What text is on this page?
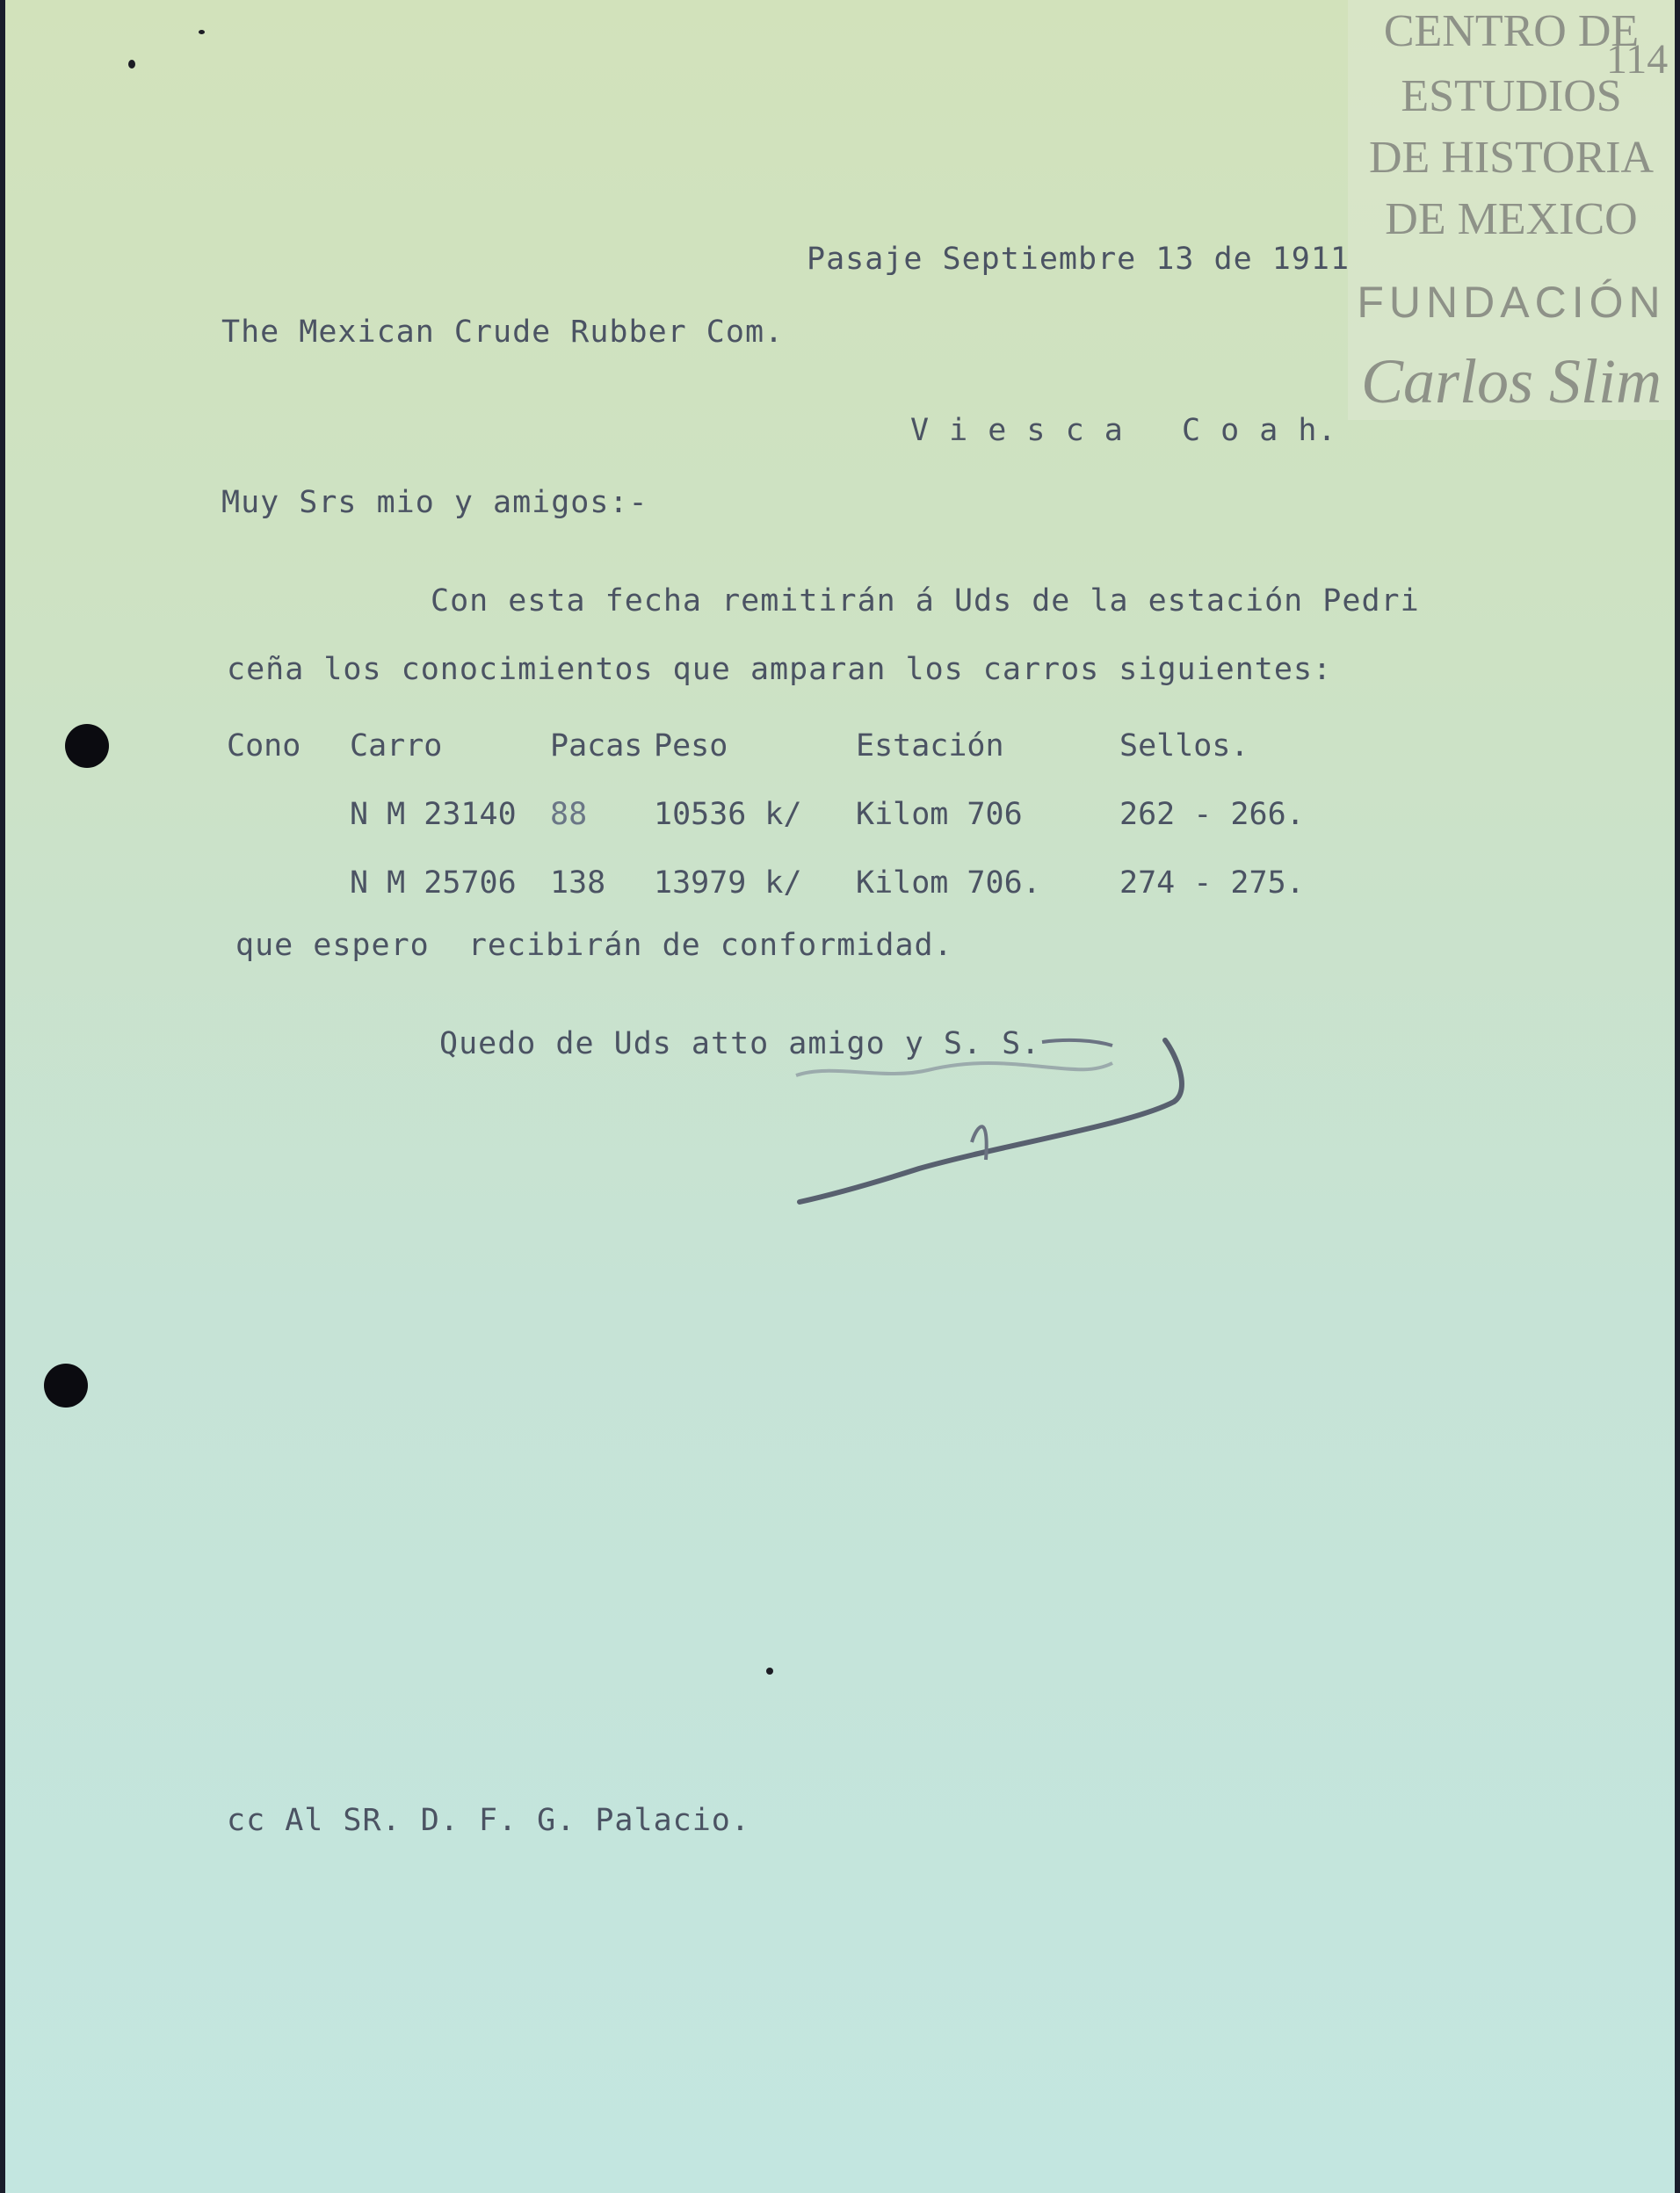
CENTRO DE
ESTUDIOS
DE HISTORIA
DE MEXICO
FUNDACIÓN
Carlos Slim
114
Pasaje Septiembre 13 de 1911
The Mexican Crude Rubber Com.
V i e s c a   C o a h.
Muy Srs mio y amigos:-
Con esta fecha remitirán á Uds de la estación Pedri
ceña los conocimientos que amparan los carros siguientes:
Cono	Carro	Pacas	Peso	Estación	Sellos.
	N M 23140	88	10536 k/	Kilom 706	262 - 266.
	N M 25706	138	13979 k/	Kilom 706.	274 - 275.
que espero  recibirán de conformidad.
Quedo de Uds atto amigo y S. S.
cc Al SR. D. F. G. Palacio.
